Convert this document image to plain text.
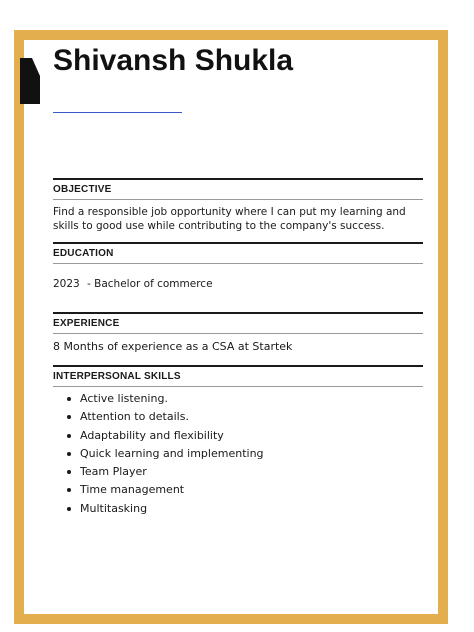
Shivansh Shukla
OBJECTIVE

Find a responsible job opportunity where I can put my learning and skills to good use while contributing to the company's success.

EDUCATION
2023 - Bachelor of commerce
EXPERIENCE

8 Months of experience as a CSA at Startek

INTERPERSONAL SKILLS
Active listening.
Attention to details.
Adaptability and flexibility
Quick learning and implementing
Team Player
Time management
Multitasking
